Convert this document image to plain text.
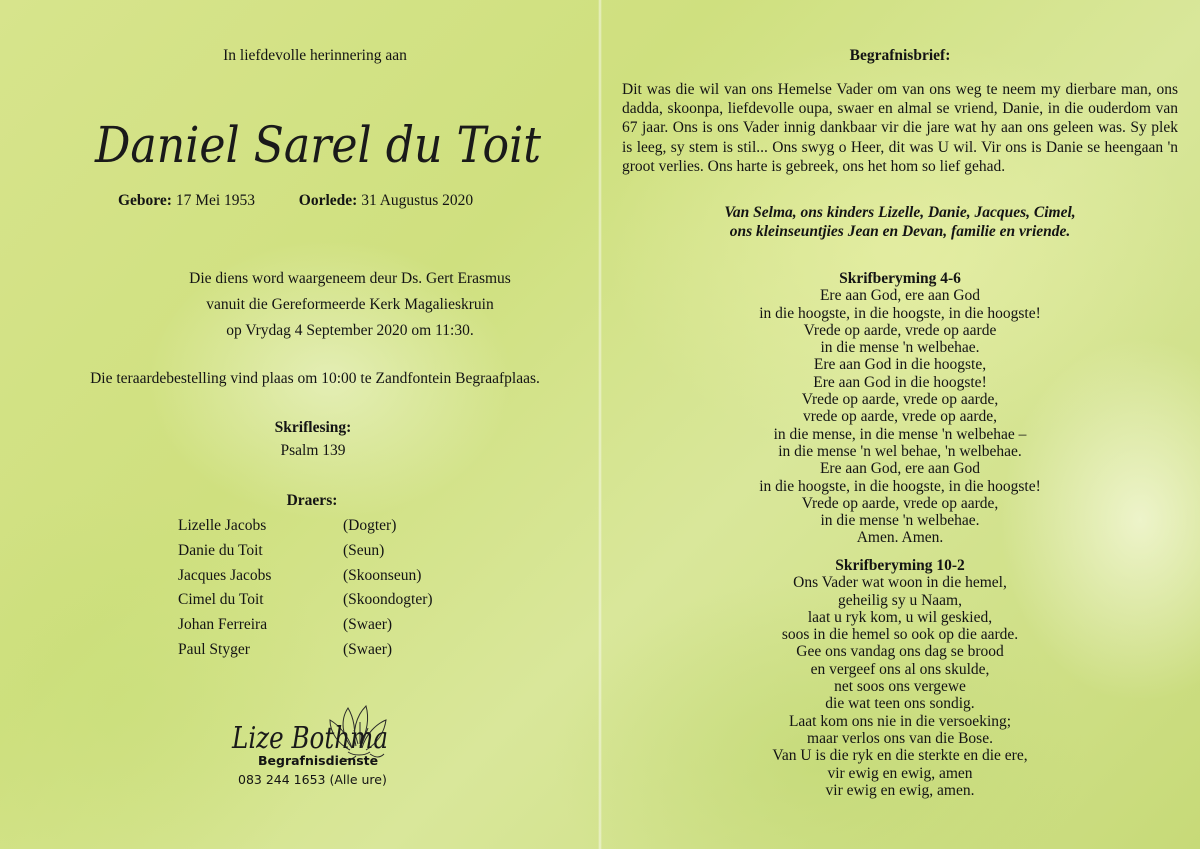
In liefdevolle herinnering aan
Daniel Sarel du Toit
Gebore: 17 Mei 1953	Oorlede: 31 Augustus 2020
Die diens word waargeneem deur Ds. Gert Erasmus
vanuit die Gereformeerde Kerk Magalieskruin
op Vrydag 4 September 2020 om 11:30.
Die teraardebestelling vind plaas om 10:00 te Zandfontein Begraafplaas.
Skriflesing:
Psalm 139
Draers:
Lizelle Jacobs	(Dogter)
Danie du Toit	(Seun)
Jacques Jacobs	(Skoonseun)
Cimel du Toit	(Skoondogter)
Johan Ferreira	(Swaer)
Paul Styger	(Swaer)
Lize Bothma
Begrafnisdienste
083 244 1653 (Alle ure)
Begrafnisbrief:
Dit was die wil van ons Hemelse Vader om van ons weg te neem my dierbare man, ons dadda, skoonpa, liefdevolle oupa, swaer en almal se vriend, Danie, in die ouderdom van 67 jaar. Ons is ons Vader innig dankbaar vir die jare wat hy aan ons geleen was. Sy plek is leeg, sy stem is stil... Ons swyg o Heer, dit was U wil. Vir ons is Danie se heengaan 'n groot verlies. Ons harte is gebreek, ons het hom so lief gehad.
Van Selma, ons kinders Lizelle, Danie, Jacques, Cimel,
ons kleinseuntjies Jean en Devan, familie en vriende.
Skrifberyming 4-6
Ere aan God, ere aan God
in die hoogste, in die hoogste, in die hoogste!
Vrede op aarde, vrede op aarde
in die mense 'n welbehae.
Ere aan God in die hoogste,
Ere aan God in die hoogste!
Vrede op aarde, vrede op aarde,
vrede op aarde, vrede op aarde,
in die mense, in die mense 'n welbehae –
in die mense 'n wel behae, 'n welbehae.
Ere aan God, ere aan God
in die hoogste, in die hoogste, in die hoogste!
Vrede op aarde, vrede op aarde,
in die mense 'n welbehae.
Amen. Amen.
Skrifberyming 10-2
Ons Vader wat woon in die hemel,
geheilig sy u Naam,
laat u ryk kom, u wil geskied,
soos in die hemel so ook op die aarde.
Gee ons vandag ons dag se brood
en vergeef ons al ons skulde,
net soos ons vergewe
die wat teen ons sondig.
Laat kom ons nie in die versoeking;
maar verlos ons van die Bose.
Van U is die ryk en die sterkte en die ere,
vir ewig en ewig, amen
vir ewig en ewig, amen.
